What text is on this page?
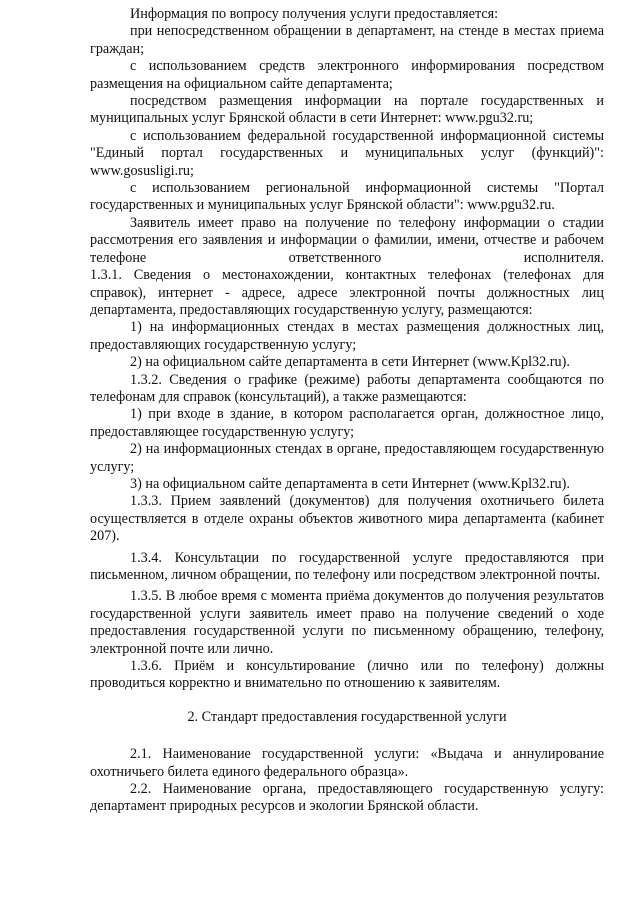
Информация по вопросу получения услуги предоставляется:

при непосредственном обращении в департамент, на стенде в местах приема граждан;

с использованием средств электронного информирования посредством размещения на официальном сайте департамента;

посредством размещения информации на портале государственных и муниципальных услуг Брянской области в сети Интернет: www.pgu32.ru;

с использованием федеральной государственной информационной системы "Единый портал государственных и муниципальных услуг (функций)": www.gosusligi.ru;

с использованием региональной информационной системы "Портал государственных и муниципальных услуг Брянской области": www.pgu32.ru.

Заявитель имеет право на получение по телефону информации о стадии рассмотрения его заявления и информации о фамилии, имени, отчестве и рабочем телефоне ответственного исполнителя.

1.3.1. Сведения о местонахождении, контактных телефонах (телефонах для справок), интернет - адресе, адресе электронной почты должностных лиц департамента, предоставляющих государственную услугу, размещаются:

1) на информационных стендах в местах размещения должностных лиц, предоставляющих государственную услугу;

2) на официальном сайте департамента в сети Интернет (www.Kpl32.ru).

1.3.2. Сведения о графике (режиме) работы департамента сообщаются по телефонам для справок (консультаций), а также размещаются:

1) при входе в здание, в котором располагается орган, должностное лицо, предоставляющее государственную услугу;

2) на информационных стендах в органе, предоставляющем государственную услугу;

3) на официальном сайте департамента в сети Интернет (www.Kpl32.ru).

1.3.3. Прием заявлений (документов) для получения охотничьего билета осуществляется в отделе охраны объектов животного мира департамента (кабинет 207).

1.3.4. Консультации по государственной услуге предоставляются при письменном, личном обращении, по телефону или посредством электронной почты.

1.3.5. В любое время с момента приёма документов до получения результатов государственной услуги заявитель имеет право на получение сведений о ходе предоставления государственной услуги по письменному обращению, телефону, электронной почте или лично.

1.3.6. Приём и консультирование (лично или по телефону) должны проводиться корректно и внимательно по отношению к заявителям.

2. Стандарт предоставления государственной услуги

2.1. Наименование государственной услуги: «Выдача и аннулирование охотничьего билета единого федерального образца».

2.2. Наименование органа, предоставляющего государственную услугу: департамент природных ресурсов и экологии Брянской области.
